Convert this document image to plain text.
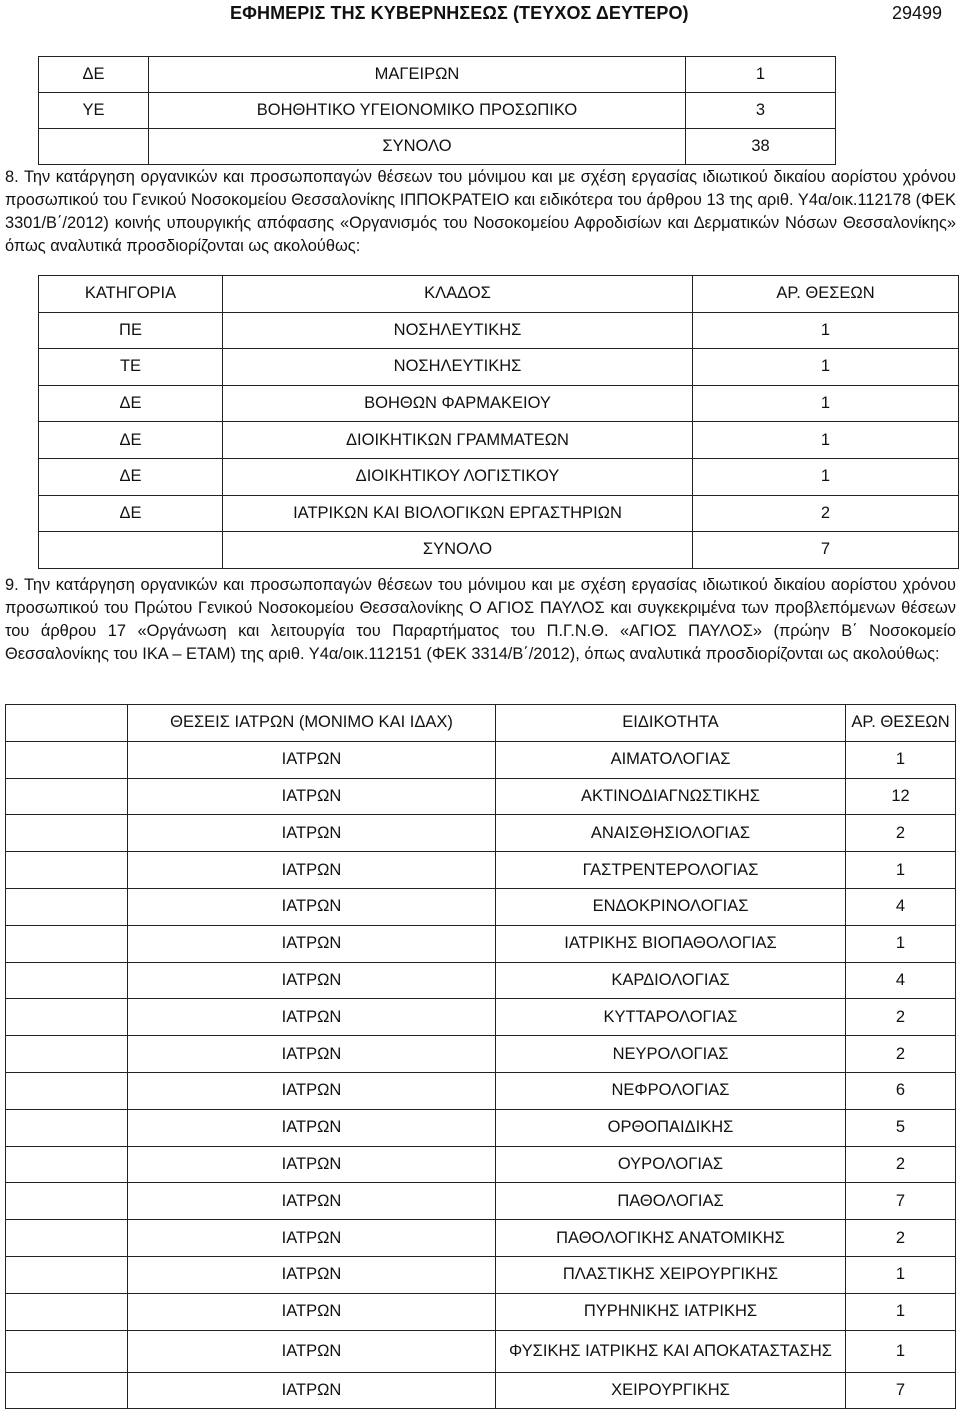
ΕΦΗΜΕΡΙΣ ΤΗΣ ΚΥΒΕΡΝΗΣΕΩΣ (ΤΕΥΧΟΣ ΔΕΥΤΕΡΟ)	29499
ΔΕ	ΜΑΓΕΙΡΩΝ	1
ΥΕ	ΒΟΗΘΗΤΙΚΟ ΥΓΕΙΟΝΟΜΙΚΟ ΠΡΟΣΩΠΙΚΟ	3
	ΣΥΝΟΛΟ	38
8. Την κατάργηση οργανικών και προσωποπαγών θέσεων του μόνιμου και με σχέση εργασίας ιδιωτικού δικαίου αορίστου χρόνου προσωπικού του Γενικού Νοσοκομείου Θεσσαλονίκης ΙΠΠΟΚΡΑΤΕΙΟ και ειδικότερα του άρθρου 13 της αριθ. Υ4α/οικ.112178 (ΦΕΚ 3301/Β΄/2012) κοινής υπουργικής απόφασης «Οργανισμός του Νοσοκομείου Αφροδισίων και Δερματικών Νόσων Θεσσαλονίκης» όπως αναλυτικά προσδιορίζονται ως ακολούθως:
ΚΑΤΗΓΟΡΙΑ	ΚΛΑΔΟΣ	ΑΡ. ΘΕΣΕΩΝ
ΠΕ	ΝΟΣΗΛΕΥΤΙΚΗΣ	1
ΤΕ	ΝΟΣΗΛΕΥΤΙΚΗΣ	1
ΔΕ	ΒΟΗΘΩΝ ΦΑΡΜΑΚΕΙΟΥ	1
ΔΕ	ΔΙΟΙΚΗΤΙΚΩΝ ΓΡΑΜΜΑΤΕΩΝ	1
ΔΕ	ΔΙΟΙΚΗΤΙΚΟΥ ΛΟΓΙΣΤΙΚΟΥ	1
ΔΕ	ΙΑΤΡΙΚΩΝ ΚΑΙ ΒΙΟΛΟΓΙΚΩΝ ΕΡΓΑΣΤΗΡΙΩΝ	2
	ΣΥΝΟΛΟ	7
9. Την κατάργηση οργανικών και προσωποπαγών θέσεων του μόνιμου και με σχέση εργασίας ιδιωτικού δικαίου αορίστου χρόνου προσωπικού του Πρώτου Γενικού Νοσοκομείου Θεσσαλονίκης Ο ΑΓΙΟΣ ΠΑΥΛΟΣ και συγκεκριμένα των προβλεπόμενων θέσεων του άρθρου 17 «Οργάνωση και λειτουργία του Παραρτήματος του Π.Γ.Ν.Θ. «ΑΓΙΟΣ ΠΑΥΛΟΣ» (πρώην Β΄ Νοσοκομείο Θεσσαλονίκης του ΙΚΑ – ΕΤΑΜ) της αριθ. Υ4α/οικ.112151 (ΦΕΚ 3314/Β΄/2012), όπως αναλυτικά προσδιορίζονται ως ακολούθως:
	ΘΕΣΕΙΣ ΙΑΤΡΩΝ (ΜΟΝΙΜΟ ΚΑΙ ΙΔΑΧ)	ΕΙΔΙΚΟΤΗΤΑ	ΑΡ. ΘΕΣΕΩΝ
	ΙΑΤΡΩΝ	ΑΙΜΑΤΟΛΟΓΙΑΣ	1
	ΙΑΤΡΩΝ	ΑΚΤΙΝΟΔΙΑΓΝΩΣΤΙΚΗΣ	12
	ΙΑΤΡΩΝ	ΑΝΑΙΣΘΗΣΙΟΛΟΓΙΑΣ	2
	ΙΑΤΡΩΝ	ΓΑΣΤΡΕΝΤΕΡΟΛΟΓΙΑΣ	1
	ΙΑΤΡΩΝ	ΕΝΔΟΚΡΙΝΟΛΟΓΙΑΣ	4
	ΙΑΤΡΩΝ	ΙΑΤΡΙΚΗΣ ΒΙΟΠΑΘΟΛΟΓΙΑΣ	1
	ΙΑΤΡΩΝ	ΚΑΡΔΙΟΛΟΓΙΑΣ	4
	ΙΑΤΡΩΝ	ΚΥΤΤΑΡΟΛΟΓΙΑΣ	2
	ΙΑΤΡΩΝ	ΝΕΥΡΟΛΟΓΙΑΣ	2
	ΙΑΤΡΩΝ	ΝΕΦΡΟΛΟΓΙΑΣ	6
	ΙΑΤΡΩΝ	ΟΡΘΟΠΑΙΔΙΚΗΣ	5
	ΙΑΤΡΩΝ	ΟΥΡΟΛΟΓΙΑΣ	2
	ΙΑΤΡΩΝ	ΠΑΘΟΛΟΓΙΑΣ	7
	ΙΑΤΡΩΝ	ΠΑΘΟΛΟΓΙΚΗΣ ΑΝΑΤΟΜΙΚΗΣ	2
	ΙΑΤΡΩΝ	ΠΛΑΣΤΙΚΗΣ ΧΕΙΡΟΥΡΓΙΚΗΣ	1
	ΙΑΤΡΩΝ	ΠΥΡΗΝΙΚΗΣ ΙΑΤΡΙΚΗΣ	1
	ΙΑΤΡΩΝ	ΦΥΣΙΚΗΣ ΙΑΤΡΙΚΗΣ ΚΑΙ ΑΠΟΚΑΤΑΣΤΑΣΗΣ	1
	ΙΑΤΡΩΝ	ΧΕΙΡΟΥΡΓΙΚΗΣ	7
